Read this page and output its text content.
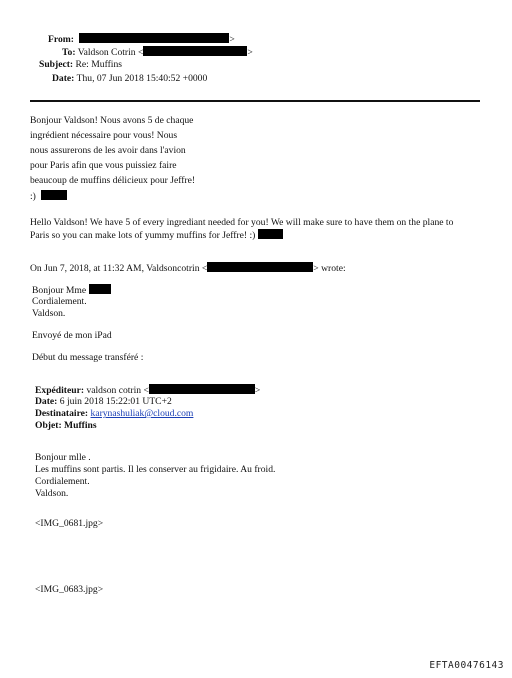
From:	>
To: Valdson Cotrin <	>
Subject: Re: Muffins
Date: Thu, 07 Jun 2018 15:40:52 +0000
Bonjour Valdson! Nous avons 5 de chaque
ingrédient nécessaire pour vous! Nous
nous assurerons de les avoir dans l'avion
pour Paris afin que vous puissiez faire
beaucoup de muffins délicieux pour Jeffre!
:)
Hello Valdson! We have 5 of every ingrediant needed for you! We will make sure to have them on the plane to
Paris so you can make lots of yummy muffins for Jeffre! :)
On Jun 7, 2018, at 11:32 AM, Valdsoncotrin <	> wrote:
Bonjour Mme
Cordialement.
Valdson.
Envoyé de mon iPad
Début du message transféré :
Expéditeur: valdson cotrin <	>
Date: 6 juin 2018 15:22:01 UTC+2
Destinataire: karynashuliak@cloud.com
Objet: Muffins
Bonjour mlle .
Les muffins sont partis. Il les conserver au frigidaire. Au froid.
Cordialement.
Valdson.
<IMG_0681.jpg>
<IMG_0683.jpg>
EFTA00476143
